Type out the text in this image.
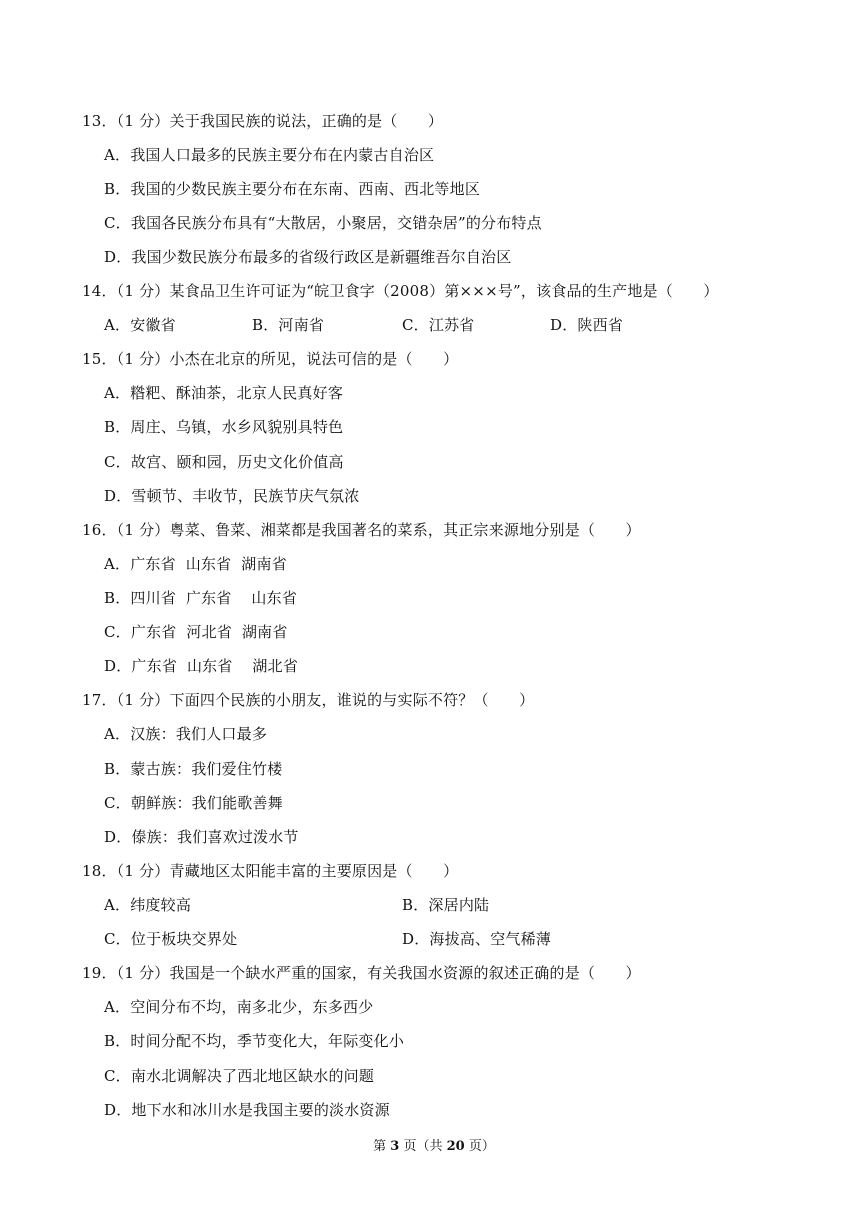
13．（1 分）关于我国民族的说法，正确的是（　　）
A．我国人口最多的民族主要分布在内蒙古自治区
B．我国的少数民族主要分布在东南、西南、西北等地区
C．我国各民族分布具有“大散居，小聚居，交错杂居”的分布特点
D．我国少数民族分布最多的省级行政区是新疆维吾尔自治区
14．（1 分）某食品卫生许可证为“皖卫食字（2008）第×××号”，该食品的生产地是（　　）
A．安徽省	B．河南省	C．江苏省	D．陕西省
15．（1 分）小杰在北京的所见，说法可信的是（　　）
A．糌粑、酥油茶，北京人民真好客
B．周庄、乌镇，水乡风貌别具特色
C．故宫、颐和园，历史文化价值高
D．雪顿节、丰收节，民族节庆气氛浓
16．（1 分）粤菜、鲁菜、湘菜都是我国著名的菜系，其正宗来源地分别是（　　）
A．广东省  山东省  湖南省
B．四川省  广东省    山东省
C．广东省  河北省  湖南省
D．广东省  山东省    湖北省
17．（1 分）下面四个民族的小朋友，谁说的与实际不符？（　　）
A．汉族：我们人口最多
B．蒙古族：我们爱住竹楼
C．朝鲜族：我们能歌善舞
D．傣族：我们喜欢过泼水节
18．（1 分）青藏地区太阳能丰富的主要原因是（　　）
A．纬度较高	B．深居内陆
C．位于板块交界处	D．海拔高、空气稀薄
19．（1 分）我国是一个缺水严重的国家，有关我国水资源的叙述正确的是（　　）
A．空间分布不均，南多北少，东多西少
B．时间分配不均，季节变化大，年际变化小
C．南水北调解决了西北地区缺水的问题
D．地下水和冰川水是我国主要的淡水资源
第 3 页（共 20 页）
